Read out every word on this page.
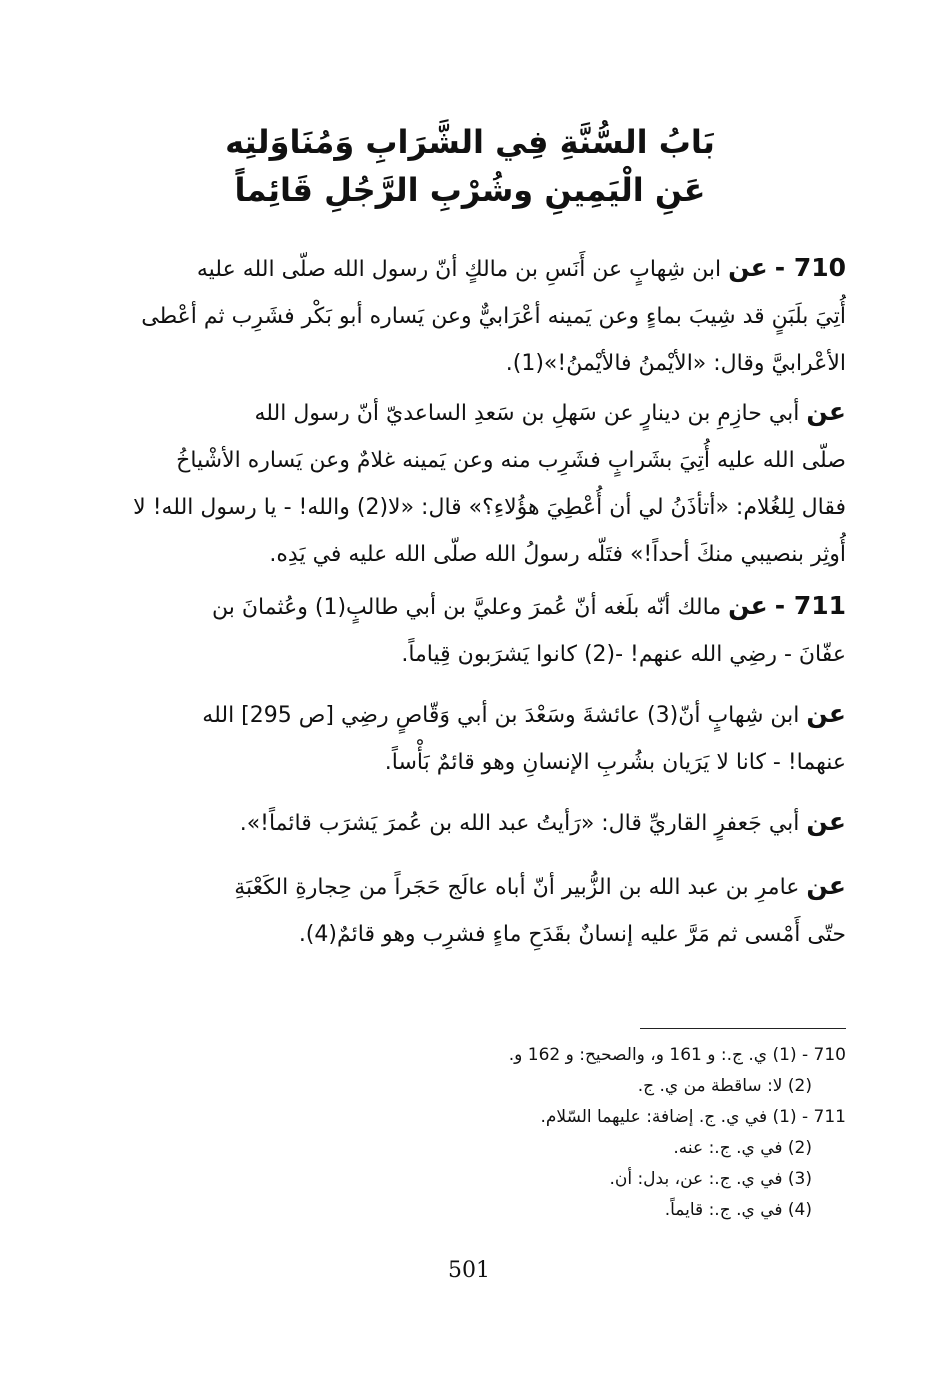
بَابُ السُّنَّةِ فِي الشَّرَابِ وَمُنَاوَلتِه
عَنِ الْيَمِينِ وشُرْبِ الرَّجُلِ قَائِماً
710 - عن ابن شِهابٍ عن أَنَسِ بن مالكٍ أنّ رسول الله صلّى الله عليه
أُتِيَ بلَبَنٍ قد شِيبَ بماءٍ وعن يَمينه أعْرَابيٌّ وعن يَساره أبو بَكْر فشَرِب ثم أعْطى
الأعْرابيَّ وقال: «الأيْمنُ فالأيْمنُ!»(1).
عن أبي حازِمِ بن دينارٍ عن سَهلِ بن سَعدِ الساعديّ أنّ رسول الله
صلّى الله عليه أُتِيَ بشَرابٍ فشَرِب منه وعن يَمينه غلامٌ وعن يَساره الأشْياخُ
فقال لِلغُلام: «أتأذَنُ لي أن أُعْطِيَ هؤُلاءِ؟» قال: «لا(2) والله! - يا رسول الله! لا
أُوثِر بنصيبي منكَ أحداً!» فتَلّه رسولُ الله صلّى الله عليه في يَدِه.
711 - عن مالك أنّه بلَغه أنّ عُمرَ وعليَّ بن أبي طالبٍ(1) وعُثمانَ بن
عفّانَ - رضِي الله عنهم! -(2) كانوا يَشرَبون قِياماً.
عن ابن شِهابٍ أنّ(3) عائشةَ وسَعْدَ بن أبي وَقّاصٍ رضِي [ص 295] الله
عنهما! - كانا لا يَرَيان بشُربِ الإنسانِ وهو قائمٌ بَأْساً.
عن أبي جَعفرٍ القاريِّ قال: «رَأيتُ عبد الله بن عُمرَ يَشرَب قائماً!».
عن عامرِ بن عبد الله بن الزُّبير أنّ أباه عالَج حَجَراً من حِجارةِ الكَعْبَةِ
حتّى أَمْسى ثم مَرَّ عليه إنسانٌ بقَدَحِ ماءٍ فشرِب وهو قائمٌ(4).
710 - (1) ي. ج.: و 161 و، والصحيح: و 162 و.
(2) لا: ساقطة من ي. ج.
711 - (1) في ي. ج. إضافة: عليهما السّلام.
(2) في ي. ج.: عنه.
(3) في ي. ج.: عن، بدل: أن.
(4) في ي. ج.: قايماً.
501
